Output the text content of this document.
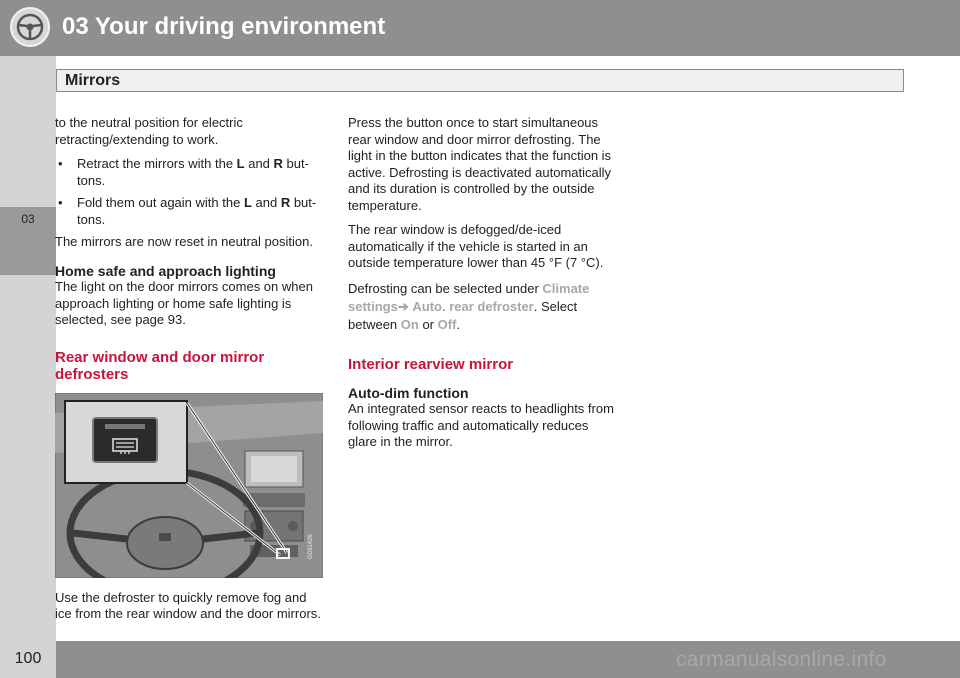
03 Your driving environment
03
Mirrors

to the neutral position for electric retracting/extending to work.

• Retract the mirrors with the L and R buttons.
• Fold them out again with the L and R buttons.

The mirrors are now reset in neutral position.

Home safe and approach lighting

The light on the door mirrors comes on when approach lighting or home safe lighting is selected, see page 93.

Rear window and door mirror defrosters
G031426

Use the defroster to quickly remove fog and ice from the rear window and the door mirrors.

Press the button once to start simultaneous rear window and door mirror defrosting. The light in the button indicates that the function is active. Defrosting is deactivated automatically and its duration is controlled by the outside temperature.

The rear window is defogged/de-iced automatically if the vehicle is started in an outside temperature lower than 45 °F (7 °C).

Defrosting can be selected under Climate settings➔ Auto. rear defroster. Select between On or Off.

Interior rearview mirror
Auto-dim function

An integrated sensor reacts to headlights from following traffic and automatically reduces glare in the mirror.

100	carmanualsonline.info
